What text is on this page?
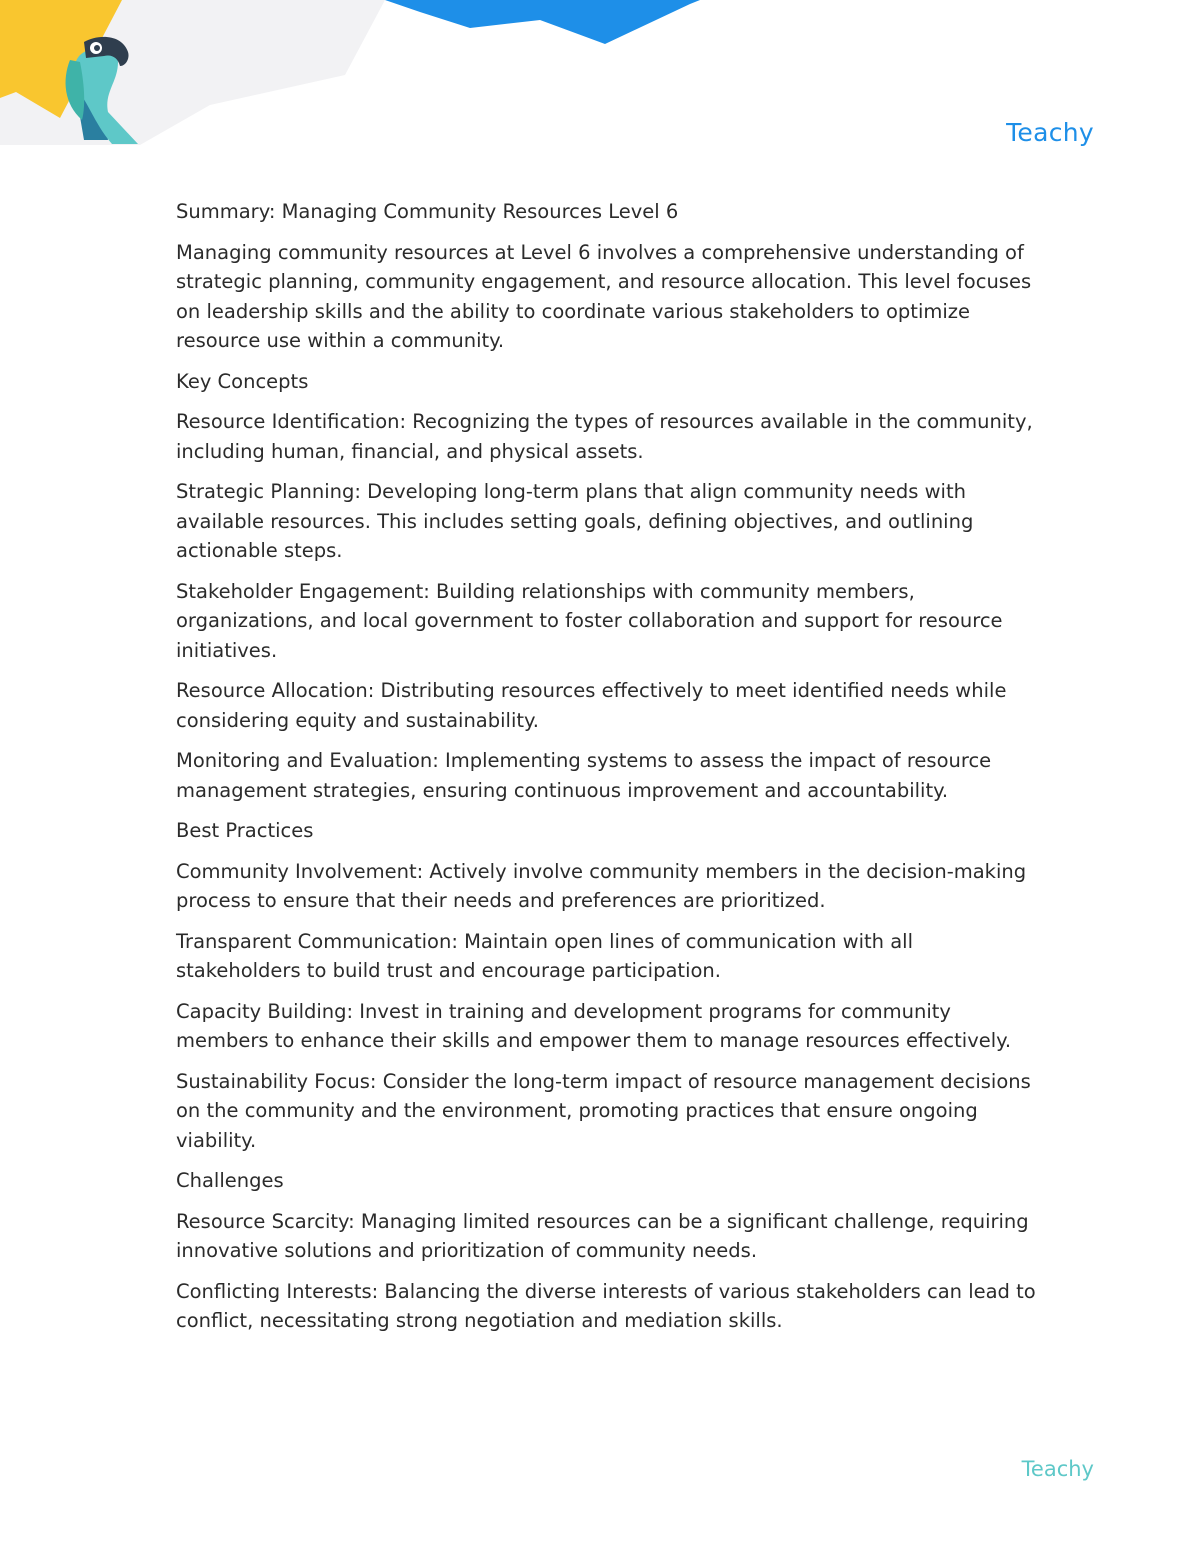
Teachy

Summary: Managing Community Resources Level 6

Managing community resources at Level 6 involves a comprehensive understanding of strategic planning, community engagement, and resource allocation. This level focuses on leadership skills and the ability to coordinate various stakeholders to optimize resource use within a community.

Key Concepts

Resource Identification: Recognizing the types of resources available in the community, including human, financial, and physical assets.

Strategic Planning: Developing long-term plans that align community needs with available resources. This includes setting goals, defining objectives, and outlining actionable steps.

Stakeholder Engagement: Building relationships with community members, organizations, and local government to foster collaboration and support for resource initiatives.

Resource Allocation: Distributing resources effectively to meet identified needs while considering equity and sustainability.

Monitoring and Evaluation: Implementing systems to assess the impact of resource management strategies, ensuring continuous improvement and accountability.

Best Practices

Community Involvement: Actively involve community members in the decision-making process to ensure that their needs and preferences are prioritized.

Transparent Communication: Maintain open lines of communication with all stakeholders to build trust and encourage participation.

Capacity Building: Invest in training and development programs for community members to enhance their skills and empower them to manage resources effectively.

Sustainability Focus: Consider the long-term impact of resource management decisions on the community and the environment, promoting practices that ensure ongoing viability.

Challenges

Resource Scarcity: Managing limited resources can be a significant challenge, requiring innovative solutions and prioritization of community needs.

Conflicting Interests: Balancing the diverse interests of various stakeholders can lead to conflict, necessitating strong negotiation and mediation skills.

Teachy
